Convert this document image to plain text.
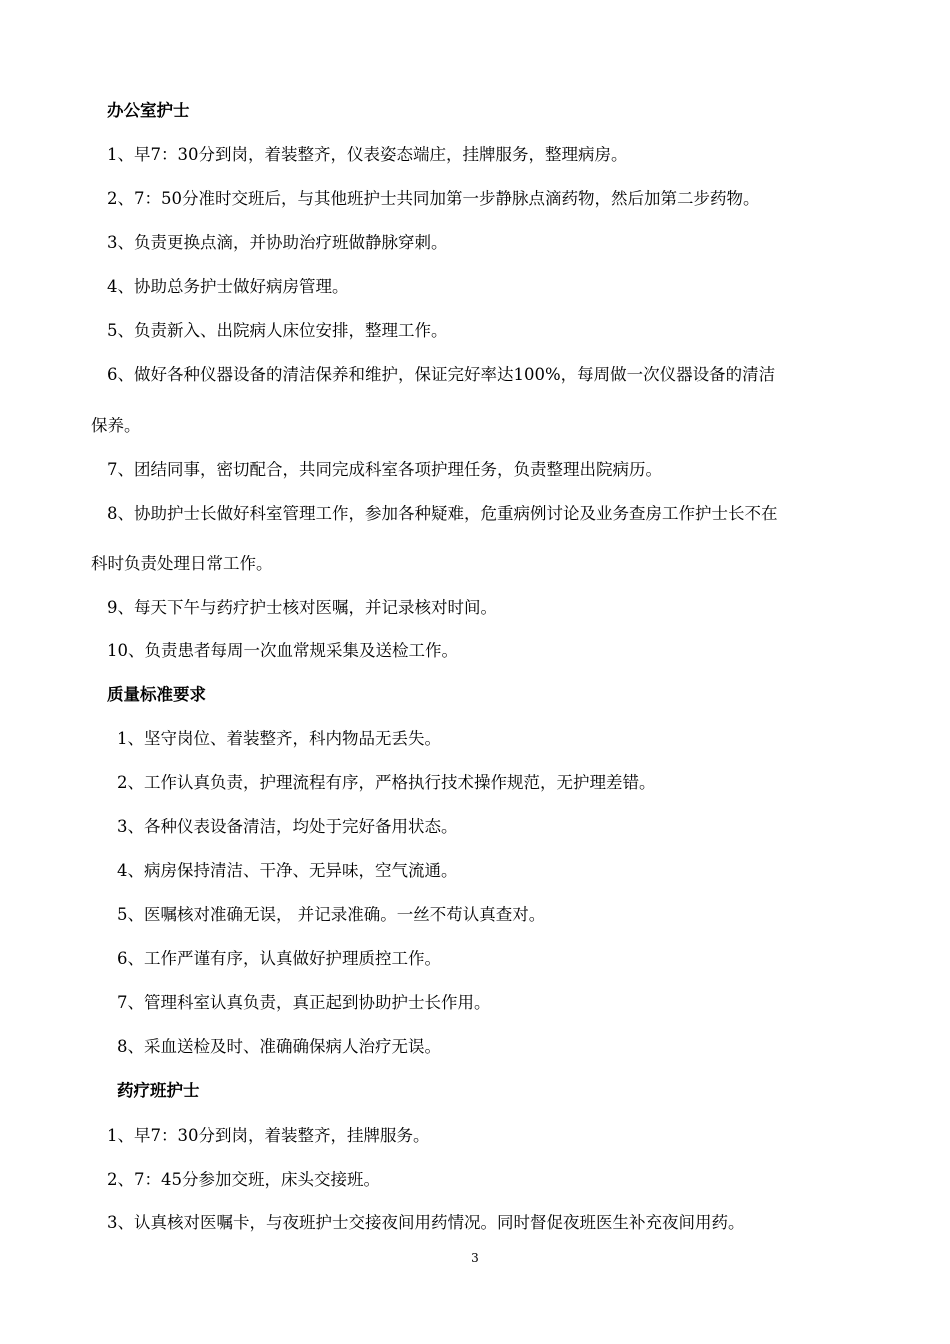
办公室护士
1、早7：30分到岗，着装整齐，仪表姿态端庄，挂牌服务，整理病房。
2、7：50分准时交班后，与其他班护士共同加第一步静脉点滴药物，然后加第二步药物。
3、负责更换点滴，并协助治疗班做静脉穿刺。
4、协助总务护士做好病房管理。
5、负责新入、出院病人床位安排，整理工作。
6、做好各种仪器设备的清洁保养和维护，保证完好率达100%，每周做一次仪器设备的清洁
保养。
7、团结同事，密切配合，共同完成科室各项护理任务，负责整理出院病历。
8、协助护士长做好科室管理工作，参加各种疑难，危重病例讨论及业务查房工作护士长不在
科时负责处理日常工作。
9、每天下午与药疗护士核对医嘱，并记录核对时间。
10、负责患者每周一次血常规采集及送检工作。
质量标准要求
1、坚守岗位、着装整齐，科内物品无丢失。
2、工作认真负责，护理流程有序，严格执行技术操作规范，无护理差错。
3、各种仪表设备清洁，均处于完好备用状态。
4、病房保持清洁、干净、无异味，空气流通。
5、医嘱核对准确无误， 并记录准确。一丝不苟认真查对。
6、工作严谨有序，认真做好护理质控工作。
7、管理科室认真负责，真正起到协助护士长作用。
8、采血送检及时、准确确保病人治疗无误。
药疗班护士
1、早7：30分到岗，着装整齐，挂牌服务。
2、7：45分参加交班，床头交接班。
3、认真核对医嘱卡，与夜班护士交接夜间用药情况。同时督促夜班医生补充夜间用药。
3
